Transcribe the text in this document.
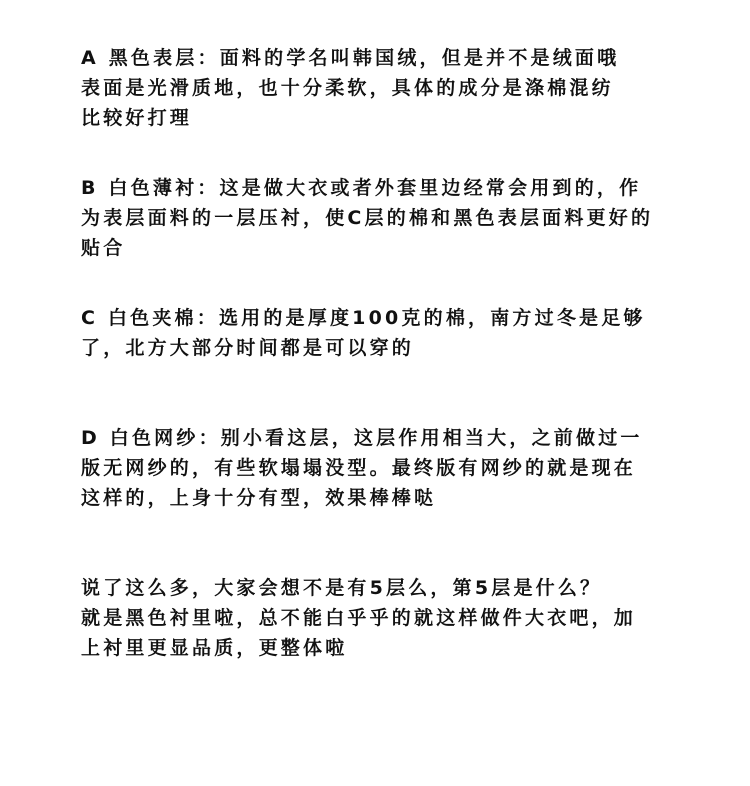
A 黑色表层：面料的学名叫韩国绒，但是并不是绒面哦
表面是光滑质地，也十分柔软，具体的成分是涤棉混纺
比较好打理
B 白色薄衬：这是做大衣或者外套里边经常会用到的，作
为表层面料的一层压衬，使C层的棉和黑色表层面料更好的
贴合
C 白色夹棉：选用的是厚度100克的棉，南方过冬是足够
了，北方大部分时间都是可以穿的
D 白色网纱：别小看这层，这层作用相当大，之前做过一
版无网纱的，有些软塌塌没型。最终版有网纱的就是现在
这样的，上身十分有型，效果棒棒哒
说了这么多，大家会想不是有5层么，第5层是什么？
就是黑色衬里啦，总不能白乎乎的就这样做件大衣吧，加
上衬里更显品质，更整体啦
